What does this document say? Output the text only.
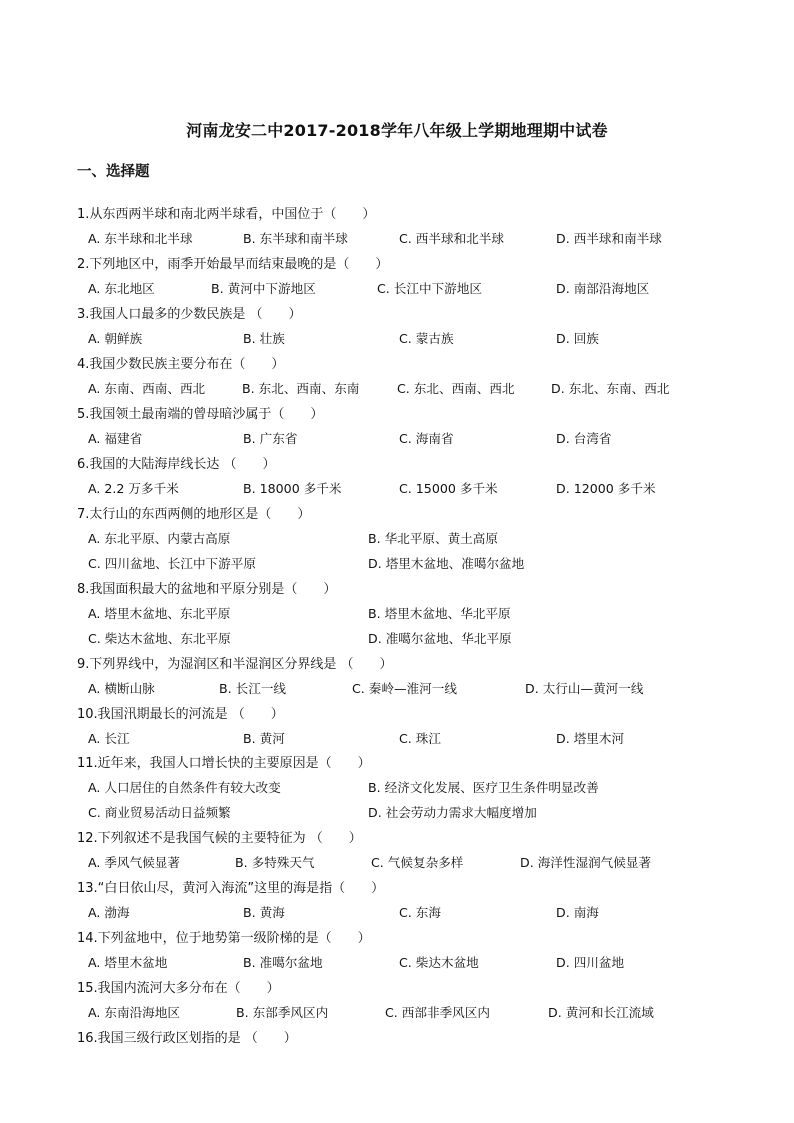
河南龙安二中2017-2018学年八年级上学期地理期中试卷
一、选择题
1.从东西两半球和南北两半球看，中国位于（　　）
A. 东半球和北半球	B. 东半球和南半球	C. 西半球和北半球	D. 西半球和南半球
2.下列地区中，雨季开始最早而结束最晚的是（　　）
A. 东北地区	B. 黄河中下游地区	C. 长江中下游地区	D. 南部沿海地区
3.我国人口最多的少数民族是 （　　）
A. 朝鲜族	B. 壮族	C. 蒙古族	D. 回族
4.我国少数民族主要分布在（　　）
A. 东南、西南、西北	B. 东北、西南、东南	C. 东北、西南、西北	D. 东北、东南、西北
5.我国领土最南端的曾母暗沙属于（　　）
A. 福建省	B. 广东省	C. 海南省	D. 台湾省
6.我国的大陆海岸线长达 （　　）
A. 2.2 万多千米	B. 18000 多千米	C. 15000 多千米	D. 12000 多千米
7.太行山的东西两侧的地形区是（　　）
A. 东北平原、内蒙古高原	B. 华北平原、黄土高原
C. 四川盆地、长江中下游平原	D. 塔里木盆地、准噶尔盆地
8.我国面积最大的盆地和平原分别是（　　）
A. 塔里木盆地、东北平原	B. 塔里木盆地、华北平原
C. 柴达木盆地、东北平原	D. 准噶尔盆地、华北平原
9.下列界线中，为湿润区和半湿润区分界线是 （　　）
A. 横断山脉	B. 长江一线	C. 秦岭—淮河一线	D. 太行山—黄河一线
10.我国汛期最长的河流是 （　　）
A. 长江	B. 黄河	C. 珠江	D. 塔里木河
11.近年来，我国人口增长快的主要原因是（　　）
A. 人口居住的自然条件有较大改变	B. 经济文化发展、医疗卫生条件明显改善
C. 商业贸易活动日益频繁	D. 社会劳动力需求大幅度增加
12.下列叙述不是我国气候的主要特征为 （　　）
A. 季风气候显著	B. 多特殊天气	C. 气候复杂多样	D. 海洋性湿润气候显著
13.“白日依山尽，黄河入海流”这里的海是指（　　）
A. 渤海	B. 黄海	C. 东海	D. 南海
14.下列盆地中，位于地势第一级阶梯的是（　　）
A. 塔里木盆地	B. 准噶尔盆地	C. 柴达木盆地	D. 四川盆地
15.我国内流河大多分布在（　　）
A. 东南沿海地区	B. 东部季风区内	C. 西部非季风区内	D. 黄河和长江流域
16.我国三级行政区划指的是 （　　）
